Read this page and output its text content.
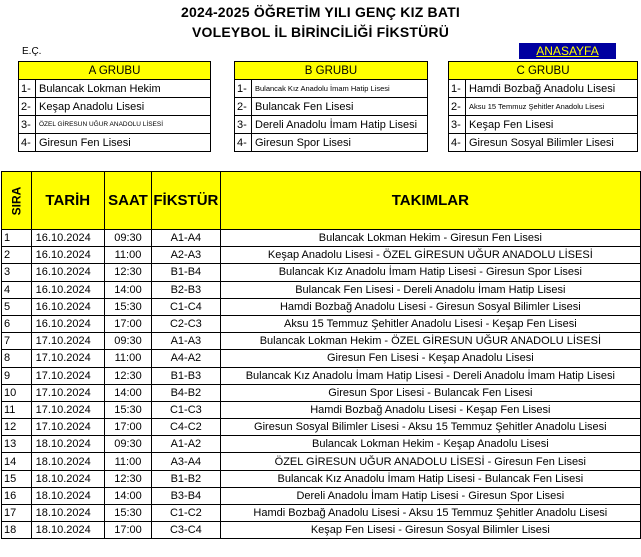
2024-2025 ÖĞRETİM YILI GENÇ KIZ BATI
VOLEYBOL İL BİRİNCİLİĞİ FİKSTÜRÜ
E.Ç.	ANASAYFA
A GRUBU	
1-	Bulancak Lokman Hekim
2-	Keşap Anadolu Lisesi
3-	ÖZEL GİRESUN UĞUR ANADOLU LİSESİ
4-	Giresun Fen Lisesi
B GRUBU	
1-	Bulancak Kız Anadolu İmam Hatip Lisesi
2-	Bulancak Fen Lisesi
3-	Dereli Anadolu İmam Hatip Lisesi
4-	Giresun Spor Lisesi
C GRUBU	
1-	Hamdi Bozbağ Anadolu Lisesi
2-	Aksu 15 Temmuz Şehitler Anadolu Lisesi
3-	Keşap Fen Lisesi
4-	Giresun Sosyal Bilimler Lisesi
SIRA	TARİH	SAAT	FİKSTÜR	TAKIMLAR
1	16.10.2024	09:30	A1-A4	Bulancak Lokman Hekim - Giresun Fen Lisesi
2	16.10.2024	11:00	A2-A3	Keşap Anadolu Lisesi - ÖZEL GİRESUN UĞUR ANADOLU LİSESİ
3	16.10.2024	12:30	B1-B4	Bulancak Kız Anadolu İmam Hatip Lisesi - Giresun Spor Lisesi
4	16.10.2024	14:00	B2-B3	Bulancak Fen Lisesi - Dereli Anadolu İmam Hatip Lisesi
5	16.10.2024	15:30	C1-C4	Hamdi Bozbağ Anadolu Lisesi - Giresun Sosyal Bilimler Lisesi
6	16.10.2024	17:00	C2-C3	Aksu 15 Temmuz Şehitler Anadolu Lisesi - Keşap Fen Lisesi
7	17.10.2024	09:30	A1-A3	Bulancak Lokman Hekim - ÖZEL GİRESUN UĞUR ANADOLU LİSESİ
8	17.10.2024	11:00	A4-A2	Giresun Fen Lisesi - Keşap Anadolu Lisesi
9	17.10.2024	12:30	B1-B3	Bulancak Kız Anadolu İmam Hatip Lisesi - Dereli Anadolu İmam Hatip Lisesi
10	17.10.2024	14:00	B4-B2	Giresun Spor Lisesi - Bulancak Fen Lisesi
11	17.10.2024	15:30	C1-C3	Hamdi Bozbağ Anadolu Lisesi - Keşap Fen Lisesi
12	17.10.2024	17:00	C4-C2	Giresun Sosyal Bilimler Lisesi - Aksu 15 Temmuz Şehitler Anadolu Lisesi
13	18.10.2024	09:30	A1-A2	Bulancak Lokman Hekim - Keşap Anadolu Lisesi
14	18.10.2024	11:00	A3-A4	ÖZEL GİRESUN UĞUR ANADOLU LİSESİ - Giresun Fen Lisesi
15	18.10.2024	12:30	B1-B2	Bulancak Kız Anadolu İmam Hatip Lisesi - Bulancak Fen Lisesi
16	18.10.2024	14:00	B3-B4	Dereli Anadolu İmam Hatip Lisesi - Giresun Spor Lisesi
17	18.10.2024	15:30	C1-C2	Hamdi Bozbağ Anadolu Lisesi - Aksu 15 Temmuz Şehitler Anadolu Lisesi
18	18.10.2024	17:00	C3-C4	Keşap Fen Lisesi - Giresun Sosyal Bilimler Lisesi
